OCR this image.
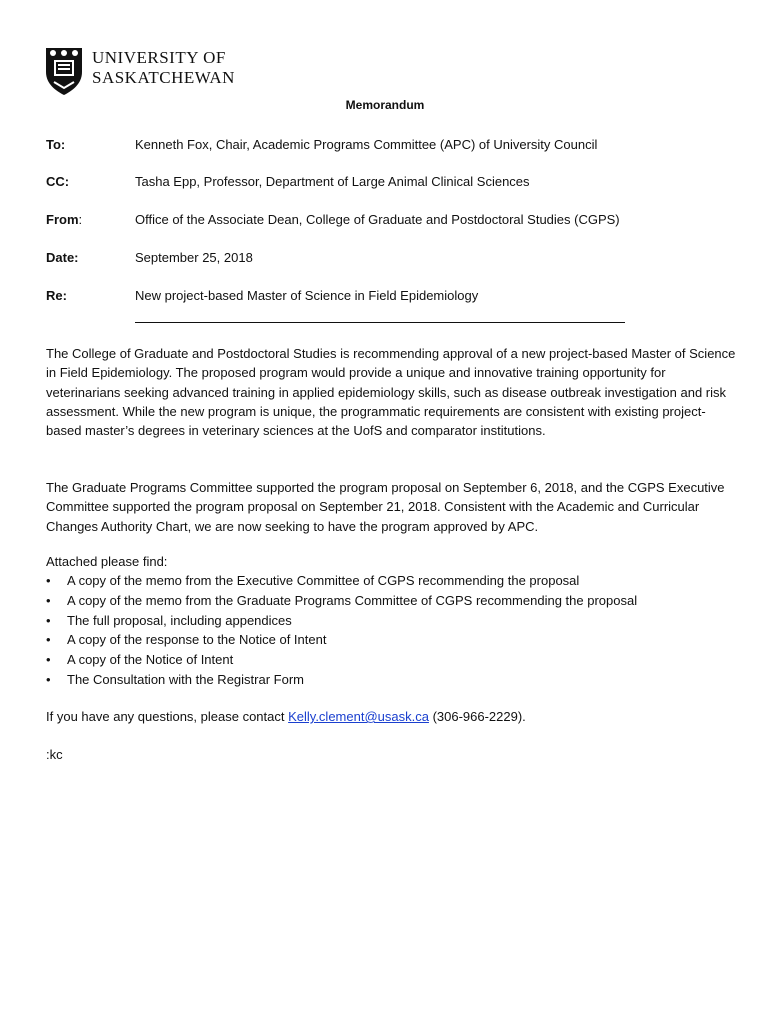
UNIVERSITY OF
SASKATCHEWAN
Memorandum
To:	Kenneth Fox, Chair, Academic Programs Committee (APC) of University Council
CC:	Tasha Epp, Professor, Department of Large Animal Clinical Sciences
From:	Office of the Associate Dean, College of Graduate and Postdoctoral Studies (CGPS)
Date:	September 25, 2018
Re:	New project-based Master of Science in Field Epidemiology

The College of Graduate and Postdoctoral Studies is recommending approval of a new project-based Master of Science in Field Epidemiology. The proposed program would provide a unique and innovative training opportunity for veterinarians seeking advanced training in applied epidemiology skills, such as disease outbreak investigation and risk assessment. While the new program is unique, the programmatic requirements are consistent with existing project-based master’s degrees in veterinary sciences at the UofS and comparator institutions.

The Graduate Programs Committee supported the program proposal on September 6, 2018, and the CGPS Executive Committee supported the program proposal on September 21, 2018. Consistent with the Academic and Curricular Changes Authority Chart, we are now seeking to have the program approved by APC.

Attached please find:
• A copy of the memo from the Executive Committee of CGPS recommending the proposal
• A copy of the memo from the Graduate Programs Committee of CGPS recommending the proposal
• The full proposal, including appendices
• A copy of the response to the Notice of Intent
• A copy of the Notice of Intent
• The Consultation with the Registrar Form
If you have any questions, please contact Kelly.clement@usask.ca (306-966-2229).
:kc
